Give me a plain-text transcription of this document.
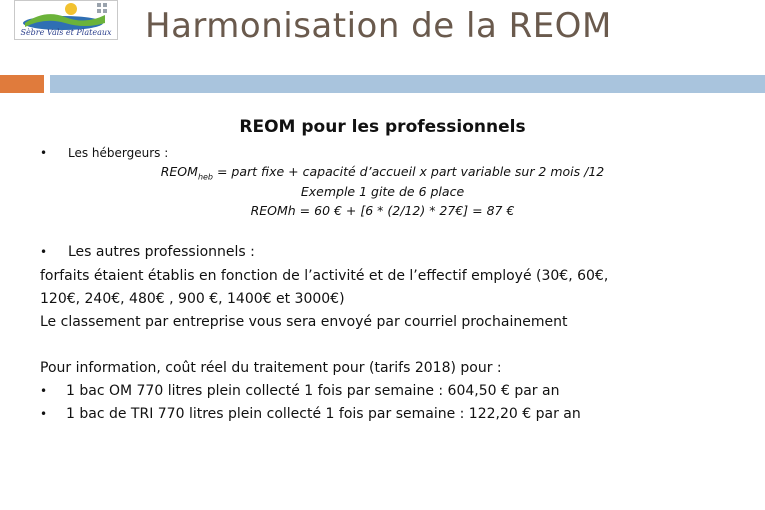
Sèbre Vals et Plateaux Harmonisation de la REOM
REOM pour les professionnels
• Les hébergeurs :
$REOM_{heb}$ = part fixe + capacité d’accueil x part variable sur 2 mois /12
Exemple 1 gite de 6 place
REOMh = 60 € + [6 * (2/12) * 27€] = 87 €
• Les autres professionnels :
forfaits étaient établis en fonction de l’activité et de l’effectif employé (30€, 60€,
120€, 240€, 480€ , 900 €, 1400€ et 3000€)
Le classement par entreprise vous sera envoyé par courriel prochainement
Pour information, coût réel du traitement pour (tarifs 2018) pour :
• 1 bac OM 770 litres plein collecté 1 fois par semaine : 604,50 € par an
• 1 bac de TRI 770 litres plein collecté 1 fois par semaine : 122,20 € par an
